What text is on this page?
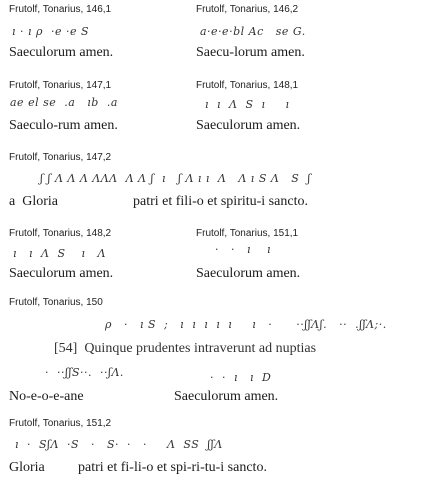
Frutolf, Tonarius, 146,1
ı · ı ρ  ·e ·e S
Saeculorum amen.
Frutolf, Tonarius, 146,2
a·e·e·bl Ac   se G.
Saecu-lorum amen.
Frutolf, Tonarius, 147,1
ae el se  .a   ıb  .a
Saeculo-rum amen.
Frutolf, Tonarius, 148,1
ı  ı  Λ  S  ı     ı
Saeculorum amen.
Frutolf, Tonarius, 147,2
ʃ ʃ Λ Λ Λ ΛΛΛ  Λ Λ ʃ  ı   ʃ Λ ı ı  Λ   Λ ı S Λ   S  ʃ
a  Gloria	patri et fili-o et spiritu-i sancto.
Frutolf, Tonarius, 148,2
ı   ı  Λ  S    ı   Λ
Saeculorum amen.
Frutolf, Tonarius, 151,1
·   ·   ı    ı
Saeculorum amen.
Frutolf, Tonarius, 150
ρ   ·   ı S  ;   ı  ı  ı  ı  ı     ı   ·      ··ʃʃΛʃ.   ··  .ʃʃΛ;·.
[54]  Quinque prudentes intraverunt ad nuptias
·  ··ʃʃS··.  ··ʃΛ.	·  ·  ı   ı  D
No-e-o-e-ane	Saeculorum amen.
Frutolf, Tonarius, 151,2
ı  ·  SʃΛ  ·S   ·   S·  ·   ·     Λ  SS  ʃʃΛ
Gloria patri et fi-li-o et spi-ri-tu-i sancto.
